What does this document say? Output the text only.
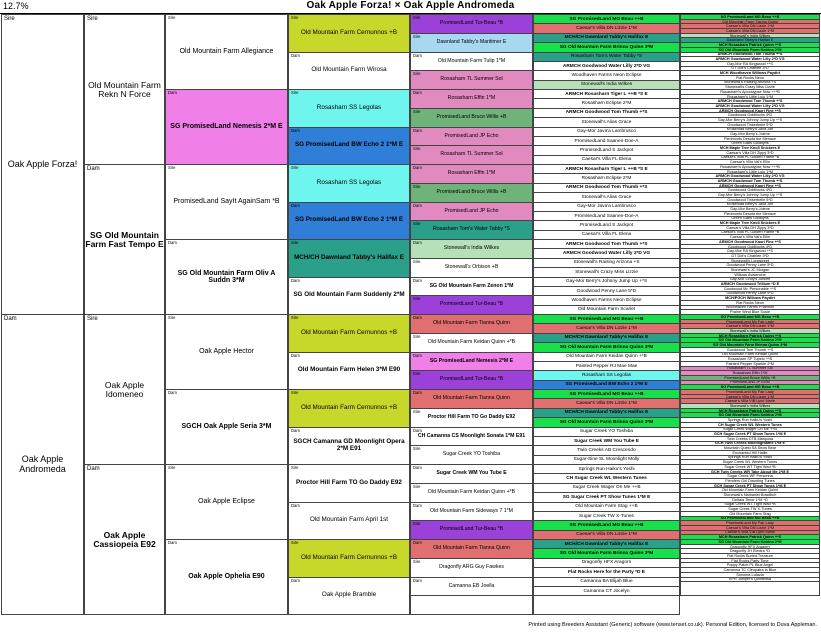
12.7%	Oak Apple Forza! × Oak Apple Andromeda
Sire
Oak Apple Forza!
Dam
Oak Apple Andromeda
Sire
Old Mountain Farm Rekn N Force
Dam
SG Old Mountain Farm Fast Tempo E
Sire
Oak Apple Idomeneo
Dam
Oak Apple Cassiopeia E92
Sire
Old Mountain Farm Allegiance
Dam
SG PromisedLand Nemesis 2*M E
Sire
PromisedLand SayIt AgainSam *B
Dam
SG Old Mountain Farm Oliv A Suddn 3*M
Sire
Oak Apple Hector
Dam
SGCH Oak Apple Seria 3*M
Sire
Oak Apple Eclipse
Dam
Oak Apple Ophelia E90
Sire
Old Mountain Farm Cernunnos +B
Dam
Old Mountain Farm Wirosa
Sire
Rosasharn SS Legolas
Dam
SG PromisedLand BW Echo 2 1*M E
Sire
Rosasharn SS Legolas
Dam
SG PromisedLand BW Echo 2 1*M E
Sire
MCH/CH Dawnland Tabby's Halifax E
Dam
SG Old Mountain Farm Suddenly 2*M
Sire
Old Mountain Farm Cernunnos +B
Dam
Old Mountain Farm Helen 3*M E90
Sire
Old Mountain Farm Cernunnos +B
Dam
SGCH Camanna GD Moonlight Opera 2*M E91
Sire
Proctor Hill Farm TO Go Daddy E92
Dam
Old Mountain Farm April 1st
Sire
Old Mountain Farm Cernunnos +B
Dam
Oak Apple Bramble
Sire
PromisedLand Tur-Beau *B
Sire
Dawnland Tabby's Maritimer E
Dam
Old Mountain Farm Tulip 1*M
Sire
Rosasharn TL Summer Sol
Dam
Rosasharn Effin 1*M
Sire
PromisedLand Bruce Willis +B
Dam
PromisedLand JP Echo
Sire
Rosasharn TL Summer Sol
Dam
Rosasharn Effin 1*M
Sire
PromisedLand Bruce Willis +B
Dam
PromisedLand JP Echo
Sire
Rosasharn Tom's Water Tabby *S
Dam
Stonewall's India Wilkes
Sire
Stonewall's Orbison +B
Dam
SG Old Mountain Farm Zenon 1*M
Sire
PromisedLand Tur-Beau *B
Dam
Old Mountain Farm Tianna Quinn
Sire
Old Mountain Farm Keidan Quinn +*B
Dam
SG PromisedLand Nemesis 2*M E
Sire
PromisedLand Tur-Beau *B
Dam
Old Mountain Farm Tianna Quinn
Sire
Proctor Hill Farm TO Go Daddy E92
Dam
CH Camanna CS Moonlight Sonata 1*M E91
Sire
Sugar Creek YO Toshiba
Dam
Sugar Creek WM You Tube E
Sire
Old Mountain Farm Keidan Quinn +*B
Dam
Old Mountain Farm Sideways 7 1*M
Sire
PromisedLand Tur-Beau *B
Dam
Old Mountain Farm Tianna Quinn
Sire
Dragonfly ARG Guy Fawkes
Dam
Camanna EB Joella
SG PromisedLand MG Beau ++B
Caesar's Villa DN Lizzie 1*M
MCH/CH Dawnland Tabby's Halifax E
SG Old Mountain Farm Brinna Quinn 3*M
Rosasharn Tom's Water Tabby *S
ARMCH Goodwood Water Lilly 2*D VG
Woodhaven Farms Neon Eclipse
Stonewall's India Wilkes
ARMCH Rosasharn Tiger L ++B *S E
Rosasharn Eclipse 2*M
ARMCH Goodwood Tom Thumb +*S
Stonewall's Alias Grace
Gay-Mor Java'a Lambrusco
PromisedLand Saanen-Doe-A
PromisedLand S Jackpot
Caesar's Villa FL Elena
ARMCH Rosasharn Tiger L ++B *S E
Rosasharn Eclipse 2*M
ARMCH Goodwood Tom Thumb +*S
Stonewall's Alias Grace
Gay-Mor Java'a Lambrusco
PromisedLand Saanen-Doe-A
PromisedLand S Jackpot
Caesar's Villa FL Elena
ARMCH Goodwood Tom Thumb +*S
ARMCH Goodwood Water Lilly 2*D VG
Stonewall's Raising Arizona +S
Stonewall's Crazy Miss Lizzie
Gay-Mor Berry's Johnny Jump Up +*S
Goodwood Penny Lane 5*D
Woodhaven Farms Neon Eclipse
Old Mountain Farm Scarlet
SG PromisedLand MG Beau ++B
Caesar's Villa DN Lizzie 1*M
MCH/CH Dawnland Tabby's Halifax E
SG Old Mountain Farm Brinna Quinn 3*M
Old Mountain Farm Keidan Quinn +*B
Painted Pepper RJ Mae Mae
Rosasharn SS Legolas
SG PromisedLand BW Echo 2 1*M E
SG PromisedLand MG Beau ++B
Caesar's Villa DN Lizzie 1*M
MCH/CH Dawnland Tabby's Halifax E
SG Old Mountain Farm Brinna Quinn 3*M
Sugar Creek YO Toshiba
Sugar Creek WM You Tube E
Twin Creeks AB Crescendo
Sugar-Sine SL Moonlight Molly
Springs Run Haiku's Yoshi
CH Sugar Creek WL Western Tunes
Sugar Creek Wager On Me ++B
SG Sugar Creek PT Show Tunes 1*M E
Old Mountain Farm Stag ++B
Sugar Creek TW X-Tunes
SG PromisedLand MG Beau ++B
Caesar's Villa DN Lizzie 1*M
MCH/CH Dawnland Tabby's Halifax E
SG Old Mountain Farm Brinna Quinn 3*M
Dragonfly HFX Aragorn
Flat Rocks Here for the Party *D E
Camanna BA Elijah Blue
Camanna CT Jocelyn
SG PromisedLand MG Beau ++B
Old Mountain Farm Tianna Quinn
Caesar's Villa DN Lizzie 1*M
Caesar's Villa DN Lizzie 1*M
Stonewall's India Wilkes
Dawnland Tabby's Halifax E
MCH Rosasharn Patrick Quinn +*S
SG Old Mountain Farm Katrina 2*M
ARMCH Goodwood Tom Thumb +*S
ARMCH Goodwood Water Lilly 2*D VG
Gay-Mor RA Kingwood +*S
GT Dot's Chablee 3*D
MCH Woodhaven Willows Paydirt
Flat Rocks Neon
Stonewall's Raising Arizona +S
Stonewall's Crazy Miss Lizzie
Rosasharn's Apocalypse Now ++*B
Rosasharn's Little Lulu 1*M
ARMCH Goodwood Tom Thumb +*S
ARMCH Goodwood Water Lilly 2*D VG
ARMCH Goodwood Kaori Fine +*S
Goodwood Goldilocks 4*D
Gay-Mor Berry's Johnny Jump Up +*S
Goodwood Tinkerbelle 5*D
Kroseroad Berry's Java Joe
Gay-Mor Berry's Jolene
Piedmonts Desota the Menace
Green Gabs Goldilyns
MCH Maple Tree Knoll Snickers E
Caesar's Villa DH Zippy 3*D
Caesar's Villa PL Golden Flame *B
Caesar's Villa Val's Ellie
Rosasharn's Apocalypse Now ++*B
Rosasharn's Little Lulu 1*M
ARMCH Goodwood Water Lilly 2*D VG
ARMCH Goodwood Tom Thumb +*S
ARMCH Goodwood Kaori Fine +*S
Goodwood Goldilocks 4*D
Gay-Mor Berry's Johnny Jump Up +*S
Goodwood Tinkerbelle 5*D
Kroseroad Berry's Java Joe
Gay-Mor Berry's Jolene
Piedmonts Desota the Menace
Green Gabs Goldilyns
MCH Maple Tree Knoll Snickers E
Caesar's Villa DH Zippy 3*D
Caesar's Villa PL Golden Flame *B
Caesar's Villa Val's Ellie
ARMCH Goodwood Kaori Fine +*S
Goodwood Goldilocks 4*D
Gay-Mor RA Kingwood +*S
GT Dot's Chablee 3*D
Stonewall's Longstreet
Goodwood Penny Lane 5*D
Stonewall's JC Morgan
Willows Avalanche
Gay-Mor Lindy's Jubilee
ARMCH Goodwood Trillium *D E
Goodwood Mr. Personable +*S
Goodwood Penny Lane 5*D
MCH/PGCH Willows Paydirt
Flat Rocks Neon
Woodhaven Farms Phantom
Prairie Wind Blue Susie
SG PromisedLand MG Beau ++B
PromisedLand My Fair Lady
Caesar's Villa DN Lizzie 1*M
Stonewall's India Wilkes
MCH Rosasharn Patrick Quinn +*S
SG Old Mountain Farm Katrina 2*M
SG Old Mountain Farm Brinna Quinn 3*M
Goodwood Tom Thumb +*S
Old Mountain Farm Keidan Quinn
Rosasharn SP Tupelo +*B
Painted Pepper Sparkle 2*M
Rosasharn TL Summer Sol
Rosasharn Effin 1*M
PromisedLand Bruce Willis +B
PromisedLand JP Echo
SG PromisedLand MG Beau ++B
PromisedLand My Fair Lady
Caesar's Villa DN Lizzie 1*M
Caesar's Villa VIB Lynn Marie
Stonewall's India Wilkes
MCH Rosasharn Patrick Quinn +*S
SG Old Mountain Farm Katrina 2*M
Springs Run Haiku's Yoshi
CH Sugar Creek WL Western Tunes
Sugar Creek Wager On Me ++B
GCH Sugar Creek PT Show Tunes 1*M E
Twin Creeks CTB Mariposa
GCH Twin Creeks Moonlightaffle 1*M E
Mountain Quest SA Snow Bear
Enchanted Hill Hallie
Springs Run Haiku's Yoshi
Sugar Creek WL Western Tunes
Sugar Creek WT Tight Wad *B
GCH Twin Creeks WR Take About Me 2*M E
Sugar Creek WF Personna
Flenders Girl Daunting Tunes
GCH Sugar Creek PT Show Tunes 1*M E
Old Mountain Farm Keidan Quinn
Stonewall's Nathaniel Bowditch
Deltaia Tenor 1*M *D
Sugar Creek WT Tight Wad *B
Sugar Creek TW X-Tunes
Old Mountain Farm Stag
SG PromisedLand MG Beau ++B
PromisedLand My Fair Lady
Caesar's Villa DN Lizzie 1*M
Caesar's Villa VIB Lynn Marie
MCH Rosasharn Patrick Quinn +*S
SG Old Mountain Farm Katrina 2*M
Dragonfly HFX Aragorn
Dragonfly JH Electra *D
Flat Rocks Buried Treasure
Flat Rocks Party Time
Poppy Patch PL Blue Angel
Camanna TC Cleopatra in Blue
Sonoma Lutazia
KPR Juniper's Quintessa
Printed using Breeders Assistant (Generic) software (www.tenset.co.uk). Personal Edition, licensed to Duva Appleman.
